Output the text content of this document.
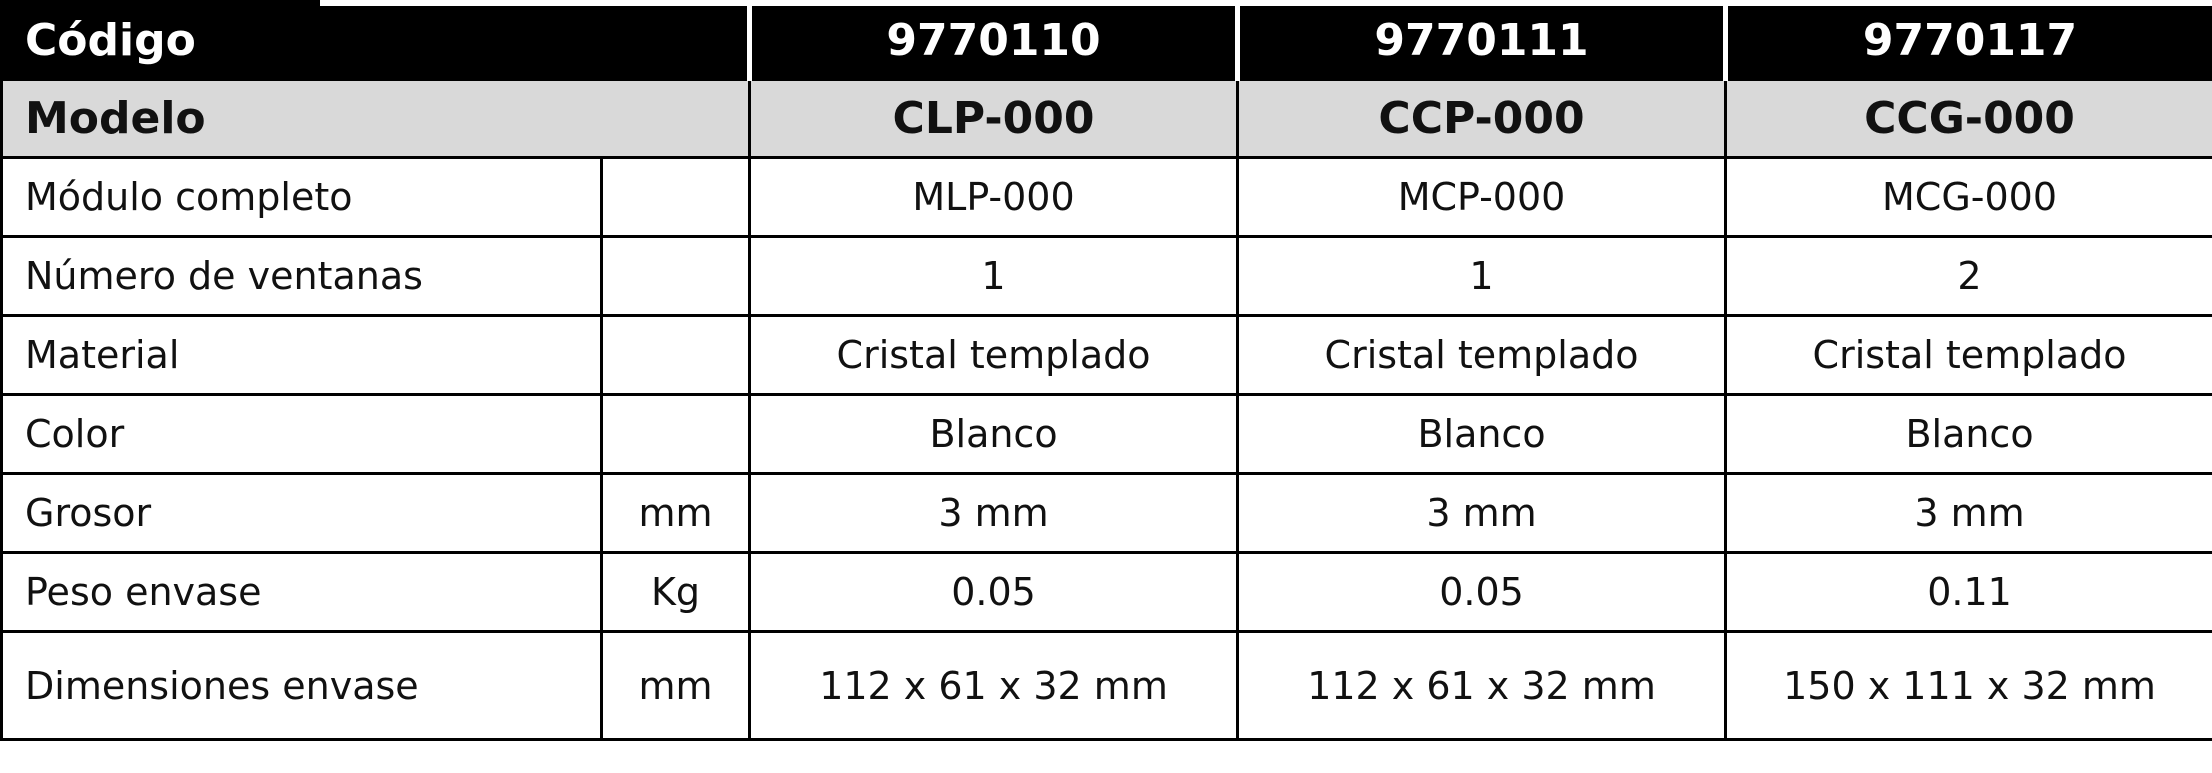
Código		9770110	9770111	9770117
Modelo		CLP-000	CCP-000	CCG-000
Módulo completo		MLP-000	MCP-000	MCG-000
Número de ventanas		1	1	2
Material		Cristal templado	Cristal templado	Cristal templado
Color		Blanco	Blanco	Blanco
Grosor	mm	3 mm	3 mm	3 mm
Peso envase	Kg	0.05	0.05	0.11
Dimensiones envase	mm	112 x 61 x 32 mm	112 x 61 x 32 mm	150 x 111 x 32 mm
